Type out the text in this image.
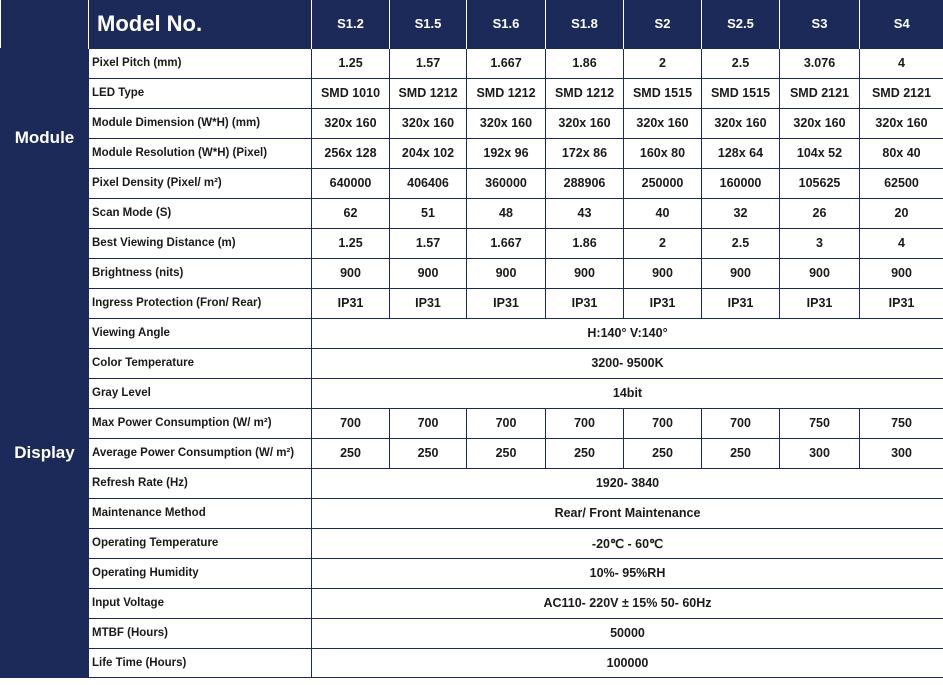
	Model No.	S1.2	S1.5	S1.6	S1.8	S2	S2.5	S3	S4
Module	Pixel Pitch (mm)	1.25	1.57	1.667	1.86	2	2.5	3.076	4
	LED Type	SMD 1010	SMD 1212	SMD 1212	SMD 1212	SMD 1515	SMD 1515	SMD 2121	SMD 2121
	Module Dimension (W*H) (mm)	320x 160	320x 160	320x 160	320x 160	320x 160	320x 160	320x 160	320x 160
	Module Resolution (W*H) (Pixel)	256x 128	204x 102	192x 96	172x 86	160x 80	128x 64	104x 52	80x 40
	Pixel Density (Pixel/ m²)	640000	406406	360000	288906	250000	160000	105625	62500
	Scan Mode (S)	62	51	48	43	40	32	26	20
Display	Best Viewing Distance (m)	1.25	1.57	1.667	1.86	2	2.5	3	4
	Brightness (nits)	900	900	900	900	900	900	900	900
	Ingress Protection (Fron/ Rear)	IP31	IP31	IP31	IP31	IP31	IP31	IP31	IP31
	Viewing Angle	H:140° V:140°							
	Color Temperature	3200- 9500K							
	Gray Level	14bit							
	Max Power Consumption (W/ m²)	700	700	700	700	700	700	750	750
	Average Power Consumption (W/ m²)	250	250	250	250	250	250	300	300
	Refresh Rate (Hz)	1920- 3840							
	Maintenance Method	Rear/ Front Maintenance							
	Operating Temperature	-20℃ - 60℃							
	Operating Humidity	10%- 95%RH							
	Input Voltage	AC110- 220V ± 15% 50- 60Hz							
	MTBF (Hours)	50000							
	Life Time (Hours)	100000							
